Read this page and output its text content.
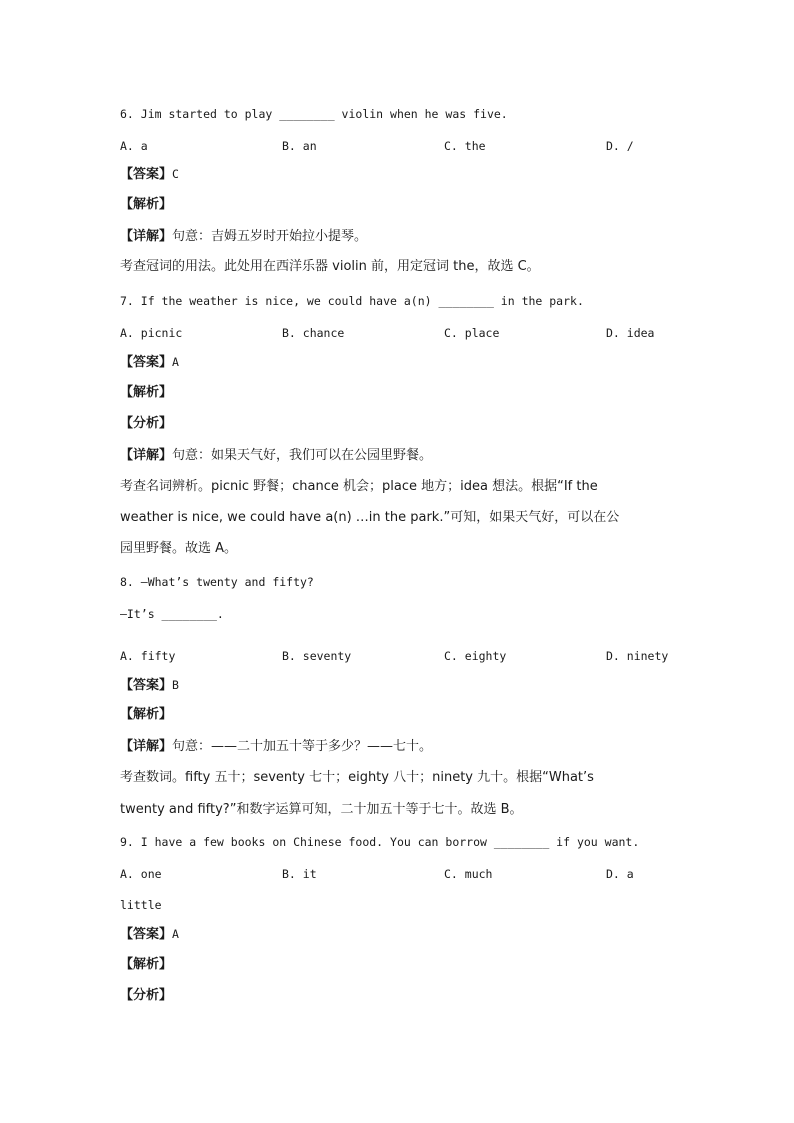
6. Jim started to play ________ violin when he was five.
A. a	B. an	C. the	D. /
【答案】C
【解析】
【详解】句意：吉姆五岁时开始拉小提琴。
考查冠词的用法。此处用在西洋乐器 violin 前，用定冠词 the，故选 C。
7. If the weather is nice, we could have a(n) ________ in the park.
A. picnic	B. chance	C. place	D. idea
【答案】A
【解析】
【分析】
【详解】句意：如果天气好，我们可以在公园里野餐。
考查名词辨析。picnic 野餐；chance 机会；place 地方；idea 想法。根据“If the
weather is nice, we could have a(n) …in the park.”可知，如果天气好，可以在公
园里野餐。故选 A。
8. —What’s twenty and fifty?
—It’s ________.
A. fifty	B. seventy	C. eighty	D. ninety
【答案】B
【解析】
【详解】句意：——二十加五十等于多少？——七十。
考查数词。fifty 五十；seventy 七十；eighty 八十；ninety 九十。根据“What’s
twenty and fifty?”和数字运算可知，二十加五十等于七十。故选 B。
9. I have a few books on Chinese food. You can borrow ________ if you want.
A. one	B. it	C. much	D. a
little
【答案】A
【解析】
【分析】
